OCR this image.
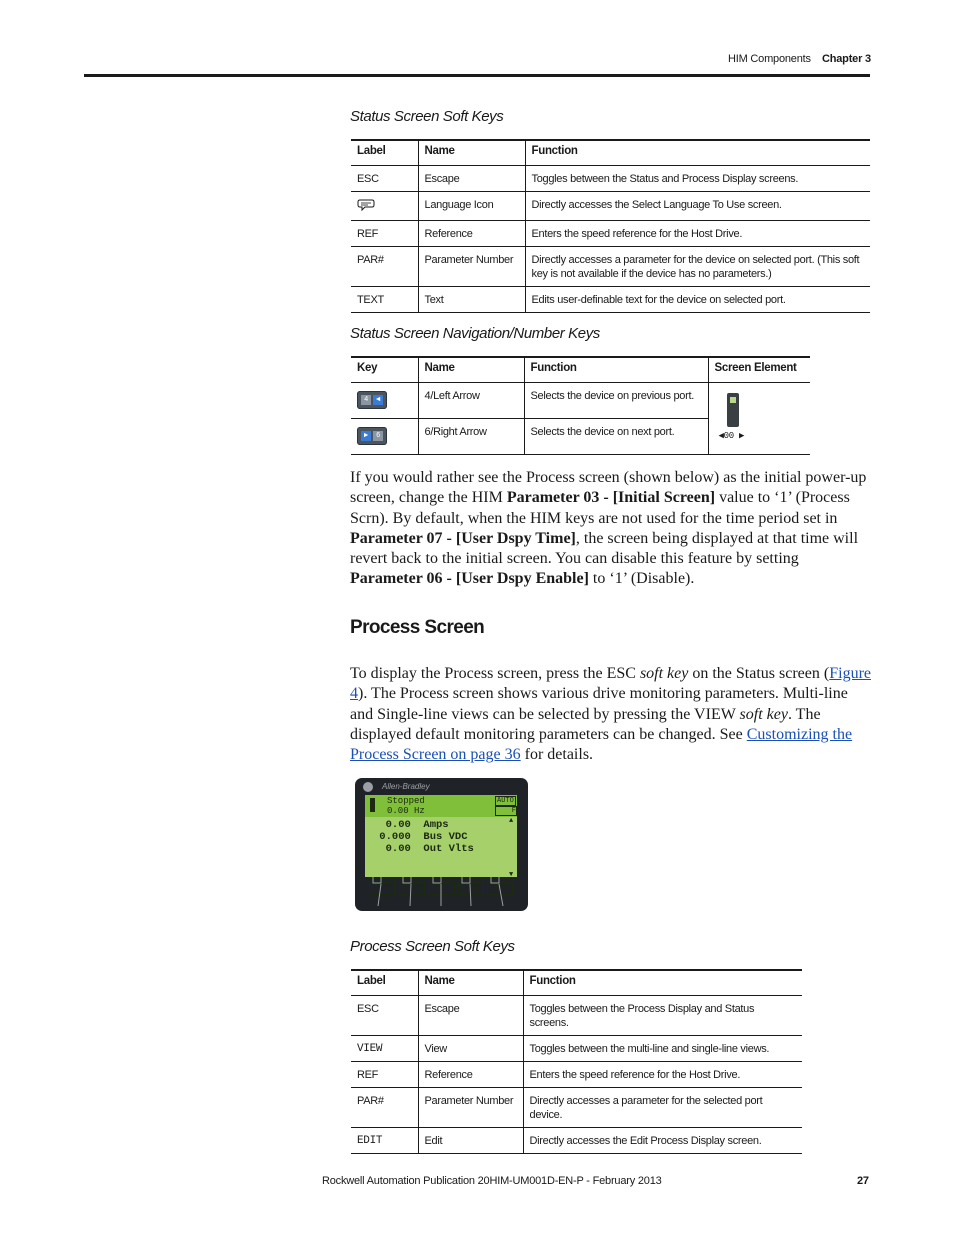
HIM Components Chapter 3
Status Screen Soft Keys
Label	Name	Function
ESC	Escape	Toggles between the Status and Process Display screens.
	Language Icon	Directly accesses the Select Language To Use screen.
REF	Reference	Enters the speed reference for the Host Drive.
PAR#	Parameter Number	Directly accesses a parameter for the device on selected port. (This soft key is not available if the device has no parameters.)
TEXT	Text	Edits user-definable text for the device on selected port.
Status Screen Navigation/Number Keys
Key	Name	Function	Screen Element

4 ◄	4/Left Arrow	Selects the device on previous port.	◀00 ▶

► 6	6/Right Arrow	Selects the device on next port.	
If you would rather see the Process screen (shown below) as the initial power-up screen, change the HIM Parameter 03 - [Initial Screen] value to ‘1’ (Process Scrn). By default, when the HIM keys are not used for the time period set in Parameter 07 - [User Dspy Time], the screen being displayed at that time will revert back to the initial screen. You can disable this feature by setting Parameter 06 - [User Dspy Enable] to ‘1’ (Disable).
Process Screen
To display the Process screen, press the ESC soft key on the Status screen (Figure 4). The Process screen shows various drive monitoring parameters. Multi-line and Single-line views can be selected by pressing the VIEW soft key. The displayed default monitoring parameters can be changed. See Customizing the Process Screen on page 36 for details.
Allen-Bradley
Stopped
0.00 Hz
AUTO
F
▲
▼
0.00  Amps
0.000  Bus VDC
0.00  Out Vlts
ESC	VIEW	REF	PAR#	EDIT
Process Screen Soft Keys
Label	Name	Function
ESC	Escape	Toggles between the Process Display and Status screens.
VIEW	View	Toggles between the multi-line and single-line views.
REF	Reference	Enters the speed reference for the Host Drive.
PAR#	Parameter Number	Directly accesses a parameter for the selected port device.
EDIT	Edit	Directly accesses the Edit Process Display screen.
Rockwell Automation Publication 20HIM-UM001D-EN-P - February 2013	27
